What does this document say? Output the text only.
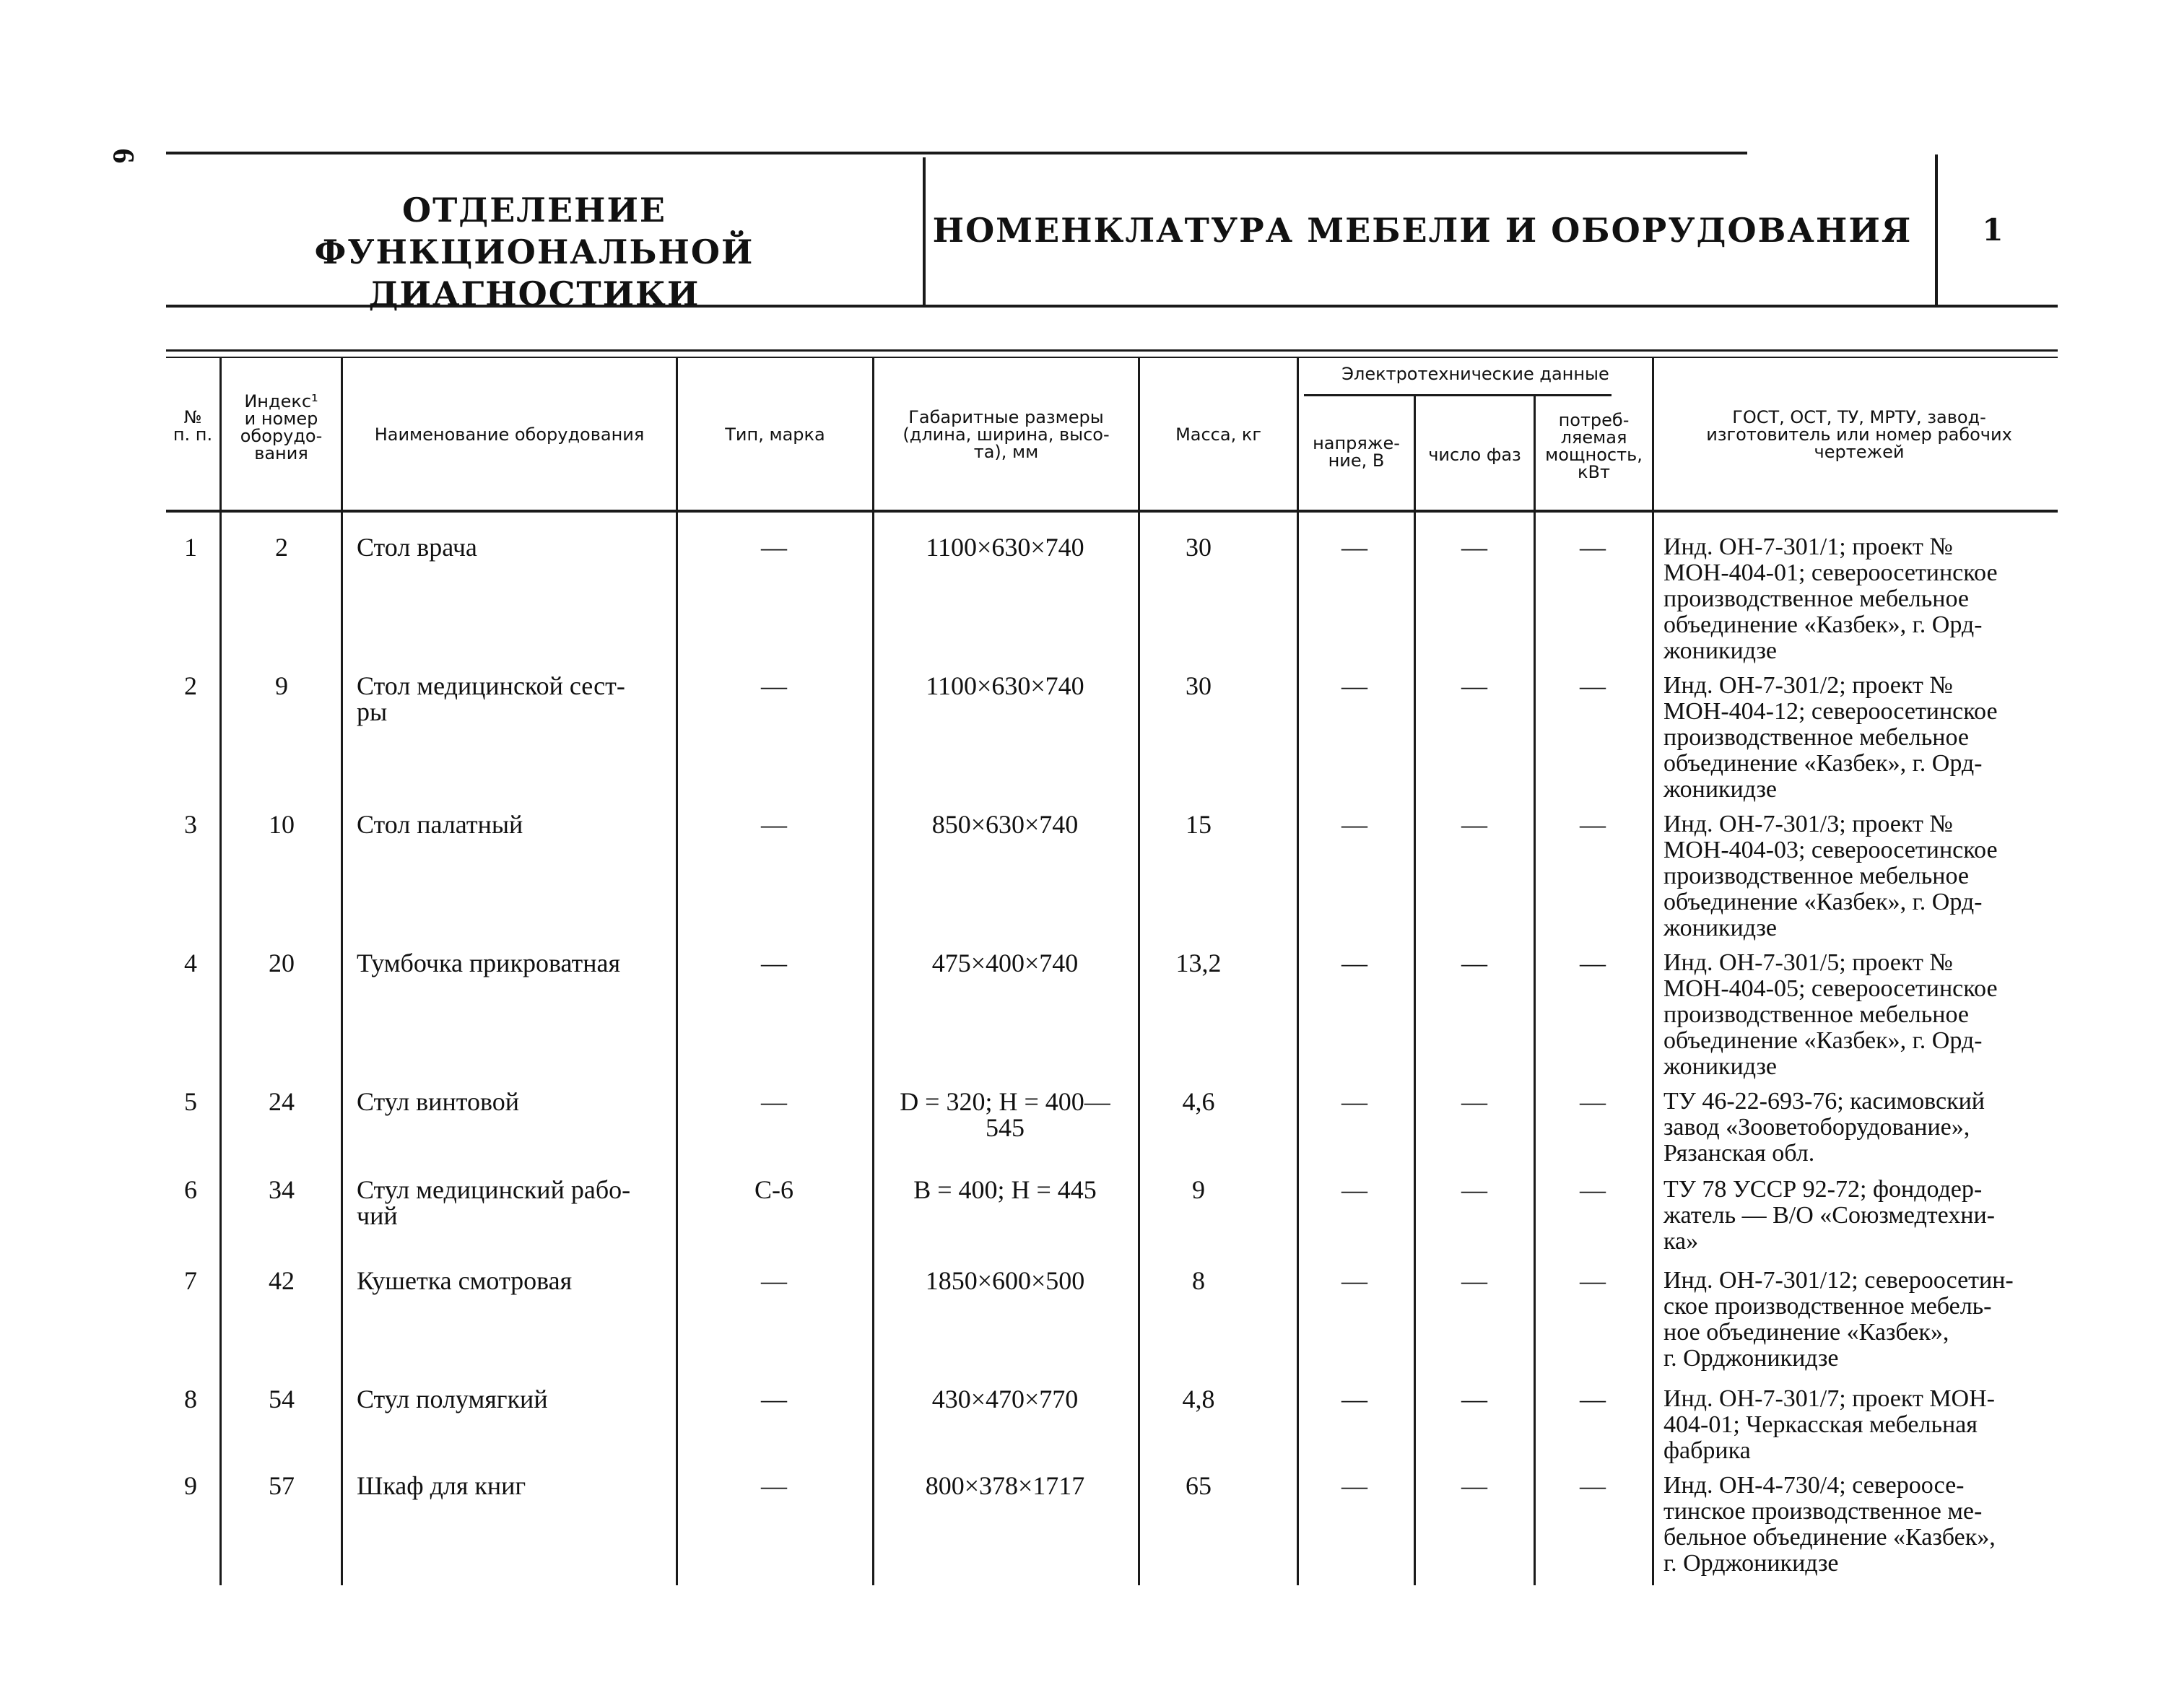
6
ОТДЕЛЕНИЕ ФУНКЦИОНАЛЬНОЙ
ДИАГНОСТИКИ
НОМЕНКЛАТУРА МЕБЕЛИ И ОБОРУДОВАНИЯ	1
№
п. п.
Индекс¹
и номер
оборудо-
вания
Наименование оборудования	Тип, марка
Габаритные размеры
(длина, ширина, высо-
та), мм
Масса, кг
Электротехнические данные
напряже-
ние, В	число фаз
потреб-
ляемая
мощность,
кВт
ГОСТ, ОСТ, ТУ, МРТУ, завод-
изготовитель или номер рабочих
чертежей
1	2	Стол врача	—	1100×630×740	30	—	—	—	Инд. ОН-7-301/1; проект №
МОН-404-01; североосетинское
производственное мебельное
объединение «Казбек», г. Орд-
жоникидзе
2	9	Стол медицинской сест-
ры
—	1100×630×740	30	—	—	—	Инд. ОН-7-301/2; проект №
МОН-404-12; североосетинское
производственное мебельное
объединение «Казбек», г. Орд-
жоникидзе
3	10	Стол палатный	—	850×630×740	15	—	—	—	Инд. ОН-7-301/3; проект №
МОН-404-03; североосетинское
производственное мебельное
объединение «Казбек», г. Орд-
жоникидзе
4	20	Тумбочка прикроватная	—	475×400×740	13,2	—	—	—	Инд. ОН-7-301/5; проект №
МОН-404-05; североосетинское
производственное мебельное
объединение «Казбек», г. Орд-
жоникидзе
5	24	Стул винтовой	—	D = 320; H = 400—
545
4,6	—	—	—	ТУ 46-22-693-76; касимовский
завод «Зооветоборудование»,
Рязанская обл.
6	34	Стул медицинский рабо-
чий
С-6	B = 400; H = 445	9	—	—	—	ТУ 78 УССР 92-72; фондодер-
жатель — В/О «Союзмедтехни-
ка»
7	42	Кушетка смотровая	—	1850×600×500	8	—	—	—	Инд. ОН-7-301/12; североосетин-
ское производственное мебель-
ное объединение «Казбек»,
г. Орджоникидзе
8	54	Стул полумягкий	—	430×470×770	4,8	—	—	—	Инд. ОН-7-301/7; проект МОН-
404-01; Черкасская мебельная
фабрика
9	57	Шкаф для книг	—	800×378×1717	65	—	—	—	Инд. ОН-4-730/4; североосе-
тинское производственное ме-
бельное объединение «Казбек»,
г. Орджоникидзе
